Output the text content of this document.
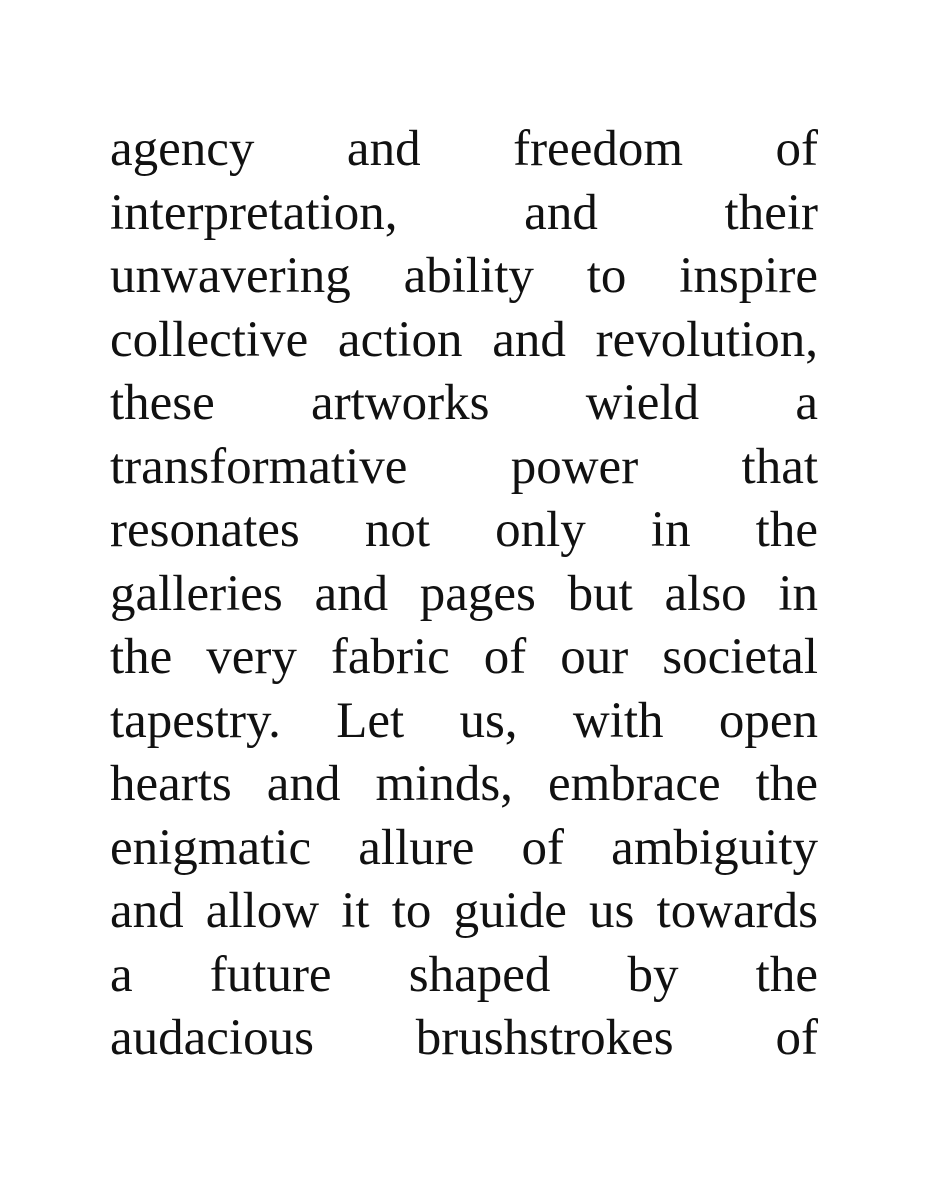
agency and freedom of
interpretation, and their
unwavering ability to inspire
collective action and revolution,
these artworks wield a
transformative power that
resonates not only in the
galleries and pages but also in
the very fabric of our societal
tapestry. Let us, with open
hearts and minds, embrace the
enigmatic allure of ambiguity
and allow it to guide us towards
a future shaped by the
audacious brushstrokes of
